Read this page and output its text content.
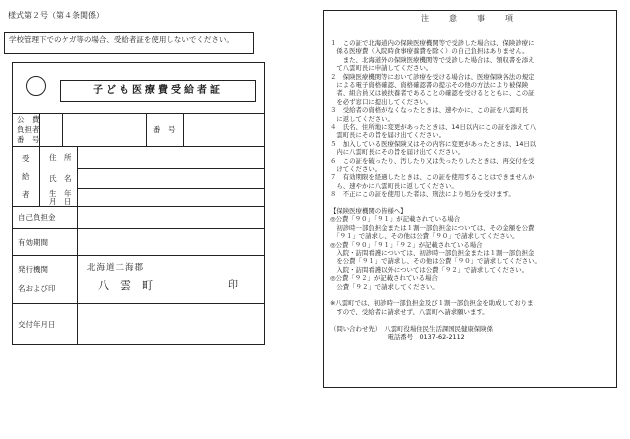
様式第２号（第４条関係）
学校管理下でのケガ等の場合、受給者証を使用しないでください。
子ども医療費受給者証
公　費
負担者
番　号
番　号
受
給
者
住　所
氏　名
生　年
月　日
自己負担金
有効期間
発行機関
名および印
北海道二海郡
八　雲　町	印
交付年月日
注　意　事　項
１　この証で北海道内の保険医療機関等で受診した場合は、保険診療に
　係る医療費（入院時食事療養費を除く）の自己負担はありません。
　　また、北海道外の保険医療機関等で受診した場合は、領収書を添え
　て八雲町長に申請してください。
２　保険医療機関等において診療を受ける場合は、医療保険各法の規定
　による電子資格確認、資格確認書の提示その他の方法により被保険
　者、組合員又は被扶養者であることの確認を受けるとともに、この証
　を必ず窓口に提出してください。
３　受給者の資格がなくなったときは、速やかに、この証を八雲町長
　に返してください。
４　氏名、住所地に変更があったときは、14日以内にこの証を添えて八
　雲町長にその旨を届け出てください。
５　加入している医療保険又はその内容に変更があったときは、14日以
　内に八雲町長にその旨を届け出てください。
６　この証を破ったり、汚したり又は失ったりしたときは、再交付を受
　けてください。
７　有効期限を経過したときは、この証を使用することはできませんか
　ら、速やかに八雲町長に返してください。
８　不正にこの証を使用した者は、刑法により処分を受けます。
【保険医療機関の皆様へ】
◎公費「９０」「９１」が記載されている場合
　初診時一部負担金または１割一部負担金については、その金額を公費
　「９１」で請求し、その他は公費「９０」で請求してください。
◎公費「９０」「９１」「９２」が記載されている場合
　入院・訪問看護については、初診時一部負担金または１割一部負担金
　を公費「９１」で請求し、その他は公費「９０」で請求してください。
　入院・訪問看護以外については公費「９２」で請求してください。
◎公費「９２」が記載されている場合
　公費「９２」で請求してください。
※八雲町では、初診時一部負担金及び１割一部負担金を助成しておりま
　すので、受給者に請求せず、八雲町へ請求願います。
（問い合わせ先）　八雲町役場住民生活課国民健康保険係
　　　　　　　　　電話番号　0137-62-2112
